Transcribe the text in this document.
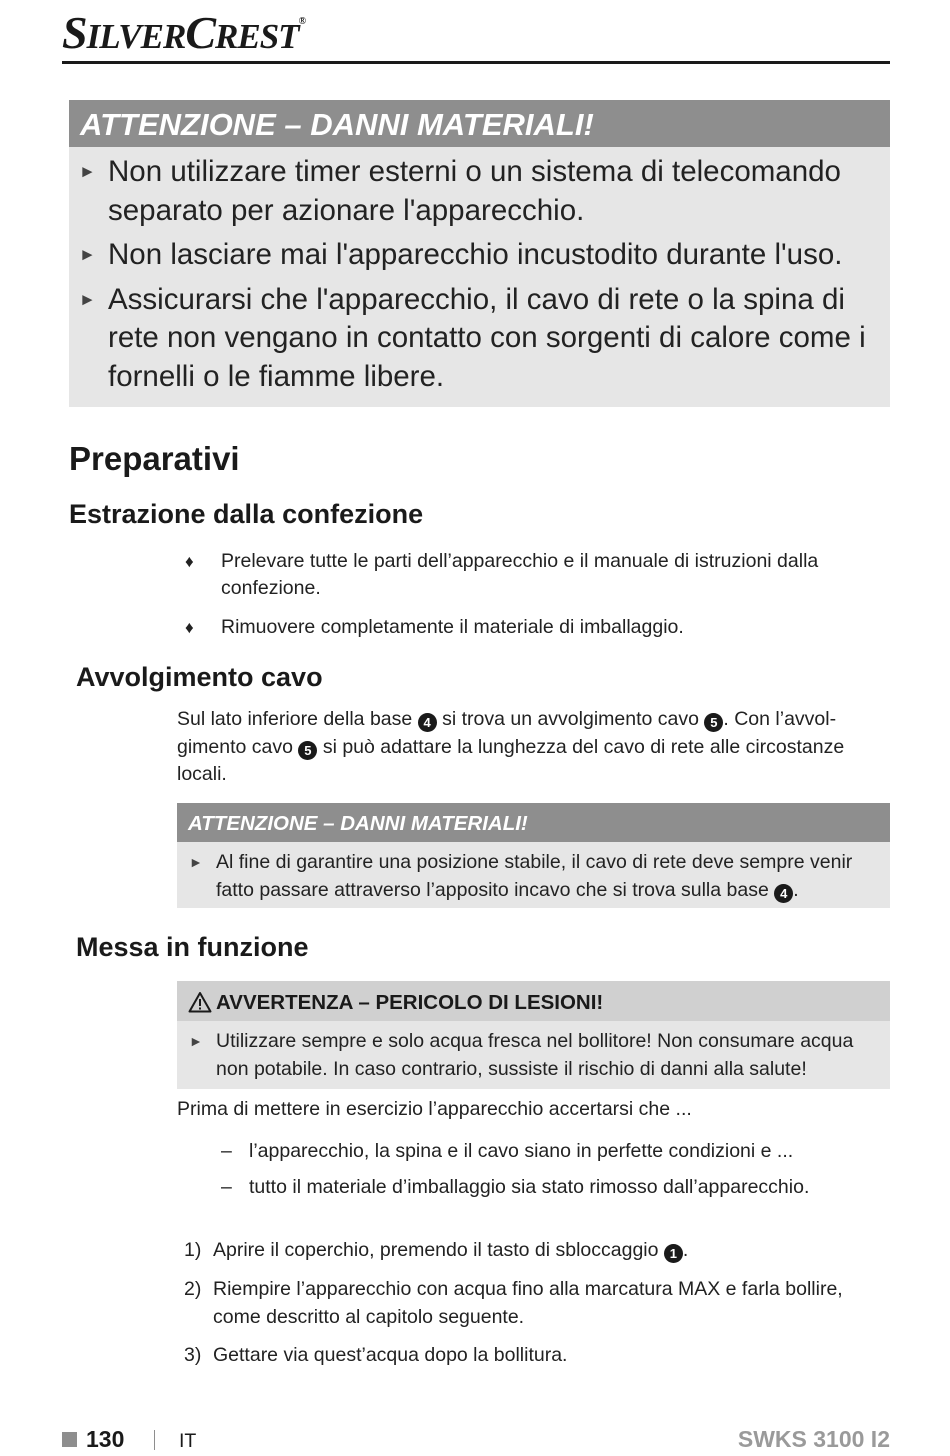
SILVERCREST®
ATTENZIONE – DANNI MATERIALI!
► Non utilizzare timer esterni o un sistema di telecomando separato per azionare l'apparecchio.
► Non lasciare mai l'apparecchio incustodito durante l'uso.
► Assicurarsi che l'apparecchio, il cavo di rete o la spina di rete non vengano in contatto con sorgenti di calore come i fornelli o le fiamme libere.
Preparativi
Estrazione dalla confezione
♦ Prelevare tutte le parti dell’apparecchio e il manuale di istruzioni dalla confezione.
♦ Rimuovere completamente il materiale di imballaggio.
Avvolgimento cavo
Sul lato inferiore della base 4 si trova un avvolgimento cavo 5 . Con l’avvol-
gimento cavo 5 si può adattare la lunghezza del cavo di rete alle circostanze
locali.
ATTENZIONE – DANNI MATERIALI!
► Al fine di garantire una posizione stabile, il cavo di rete deve sempre venir
fatto passare attraverso l’apposito incavo che si trova sulla base 4 .
Messa in funzione
AVVERTENZA – PERICOLO DI LESIONI!
► Utilizzare sempre e solo acqua fresca nel bollitore! Non consumare acqua non potabile. In caso contrario, sussiste il rischio di danni alla salute!
Prima di mettere in esercizio l’apparecchio accertarsi che ...
– l’apparecchio, la spina e il cavo siano in perfette condizioni e ...
– tutto il materiale d’imballaggio sia stato rimosso dall’apparecchio.
1) Aprire il coperchio, premendo il tasto di sbloccaggio 1 .
2) Riempire l’apparecchio con acqua fino alla marcatura MAX e farla bollire, come descritto al capitolo seguente.
3) Gettare via quest’acqua dopo la bollitura.
130	IT	SWKS 3100 I2
